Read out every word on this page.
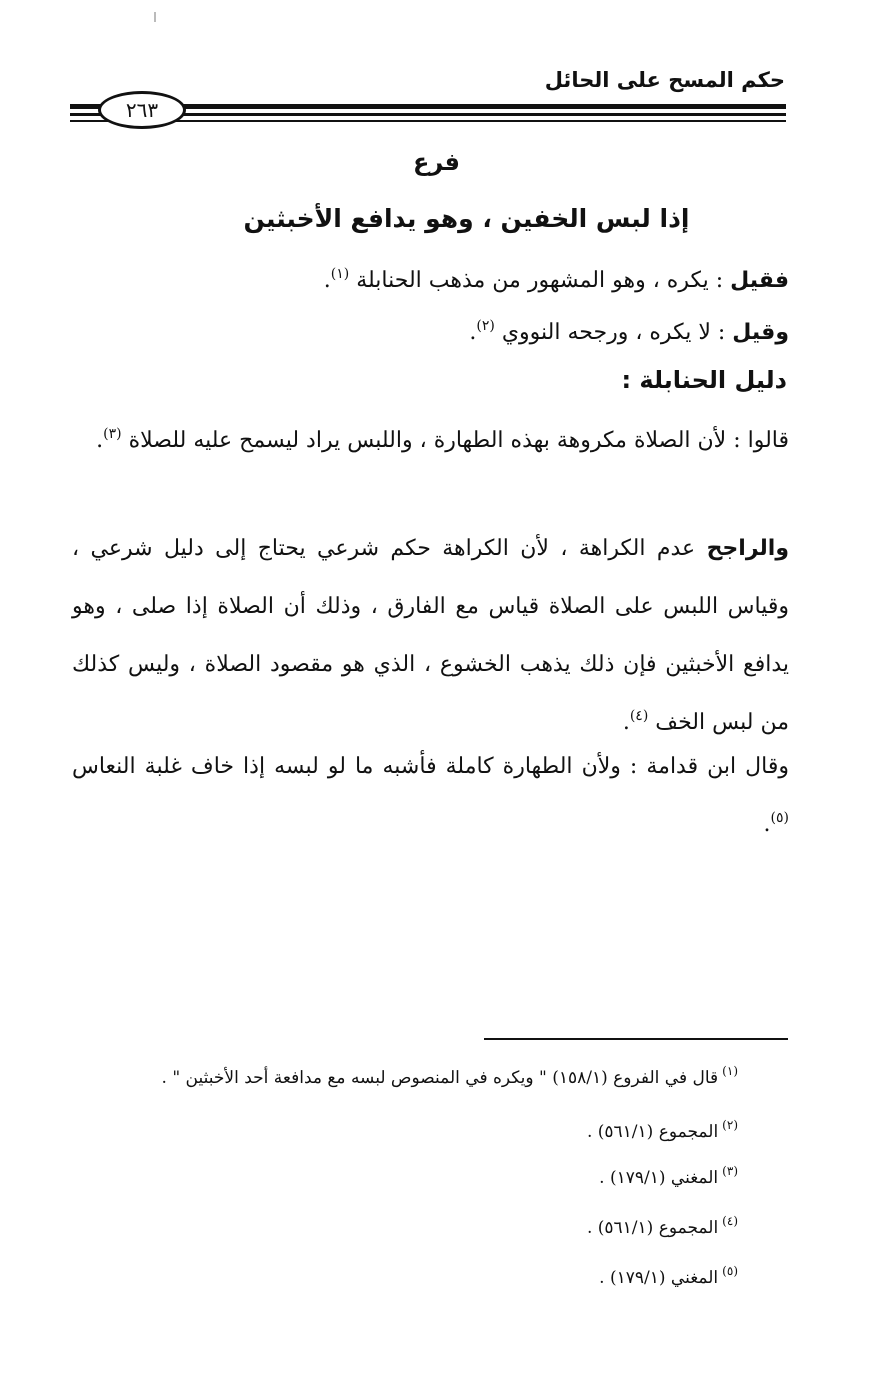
حكم المسح على الحائل
٢٦٣
فرع
إذا لبس الخفين ، وهو يدافع الأخبثين
فقيل : يكره ، وهو المشهور من مذهب الحنابلة $^{(١)}$.
وقيل : لا يكره ، ورجحه النووي $^{(٢)}$.
دليل الحنابلة :
قالوا : لأن الصلاة مكروهة بهذه الطهارة ، واللبس يراد ليسمح عليه للصلاة $^{(٣)}$.
والراجح عدم الكراهة ، لأن الكراهة حكم شرعي يحتاج إلى دليل شرعي ، وقياس اللبس على الصلاة قياس مع الفارق ، وذلك أن الصلاة إذا صلى ، وهو يدافع الأخبثين فإن ذلك يذهب الخشوع ، الذي هو مقصود الصلاة ، وليس كذلك من لبس الخف $^{(٤)}$.
وقال ابن قدامة : ولأن الطهارة كاملة فأشبه ما لو لبسه إذا خاف غلبة النعاس $^{(٥)}$.
$^{(١)}$قال في الفروع (١٥٨/١) " ويكره في المنصوص لبسه مع مدافعة أحد الأخبثين " .
$^{(٢)}$المجموع (٥٦١/١) .
$^{(٣)}$المغني (١٧٩/١) .
$^{(٤)}$المجموع (٥٦١/١) .
$^{(٥)}$المغني (١٧٩/١) .
